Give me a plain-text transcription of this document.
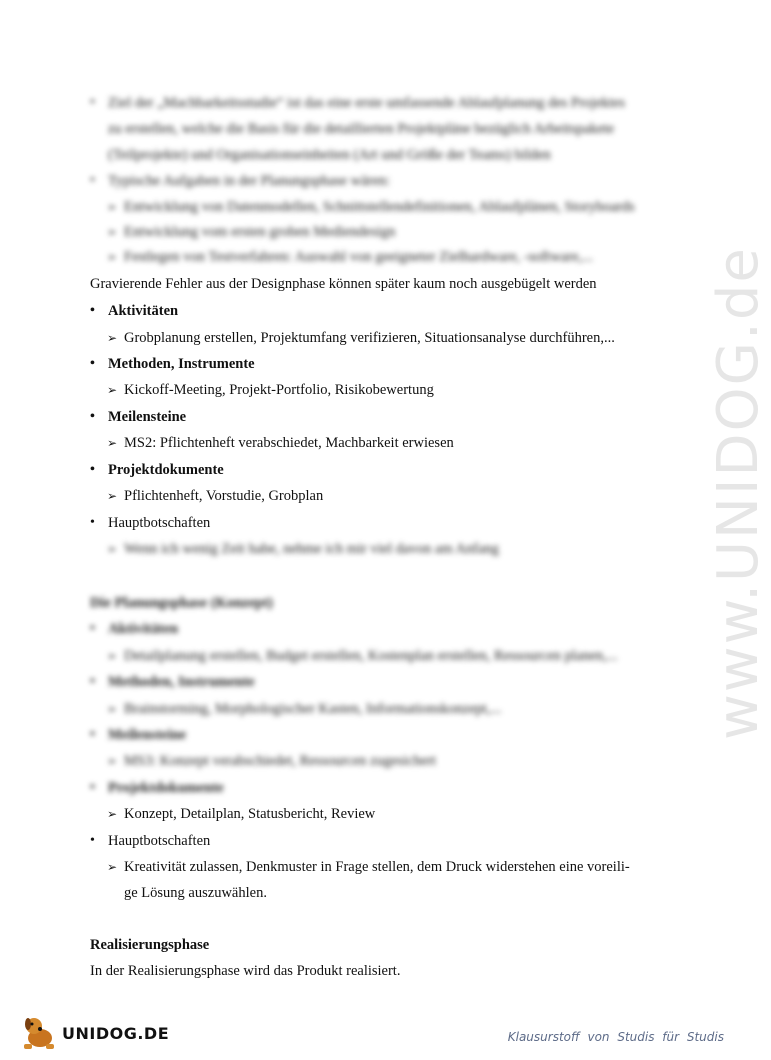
www.UNIDOG.de
• Ziel der „Machbarkeitsstudie“ ist das eine erste umfassende Ablaufplanung des Projektes
zu erstellen, welche die Basis für die detaillierten Projektpläne bezüglich Arbeitspakete
(Teilprojekte) und Organisationseinheiten (Art und Größe der Teams) bilden
• Typische Aufgaben in der Planungsphase wären:
➢ Entwicklung von Datenmodellen, Schnittstellendefinitionen, Ablaufplänen, Storyboards
➢ Entwicklung vom ersten groben Mediendesign
➢ Festlegen von Testverfahren: Auswahl von geeigneter Zielhardware, -software,...
Gravierende Fehler aus der Designphase können später kaum noch ausgebügelt werden
• Aktivitäten
➢ Grobplanung erstellen, Projektumfang verifizieren, Situationsanalyse durchführen,...
• Methoden, Instrumente
➢ Kickoff-Meeting, Projekt-Portfolio, Risikobewertung
• Meilensteine
➢ MS2: Pflichtenheft verabschiedet, Machbarkeit erwiesen
• Projektdokumente
➢ Pflichtenheft, Vorstudie, Grobplan
• Hauptbotschaften
➢ Wenn ich wenig Zeit habe, nehme ich mir viel davon am Anfang
Die Planungsphase (Konzept)
• Aktivitäten
➢ Detailplanung erstellen, Budget erstellen, Kostenplan erstellen, Ressourcen planen,...
• Methoden, Instrumente
➢ Brainstorming, Morphologischer Kasten, Informationskonzept,...
• Meilensteine
➢ MS3: Konzept verabschiedet, Ressourcen zugesichert
• Projektdokumente
➢ Konzept, Detailplan, Statusbericht, Review
• Hauptbotschaften
➢ Kreativität zulassen, Denkmuster in Frage stellen, dem Druck widerstehen eine voreili-
ge Lösung auszuwählen.
Realisierungsphase
In der Realisierungsphase wird das Produkt realisiert.
UNIDOG.DE	Klausurstoff von Studis für Studis
